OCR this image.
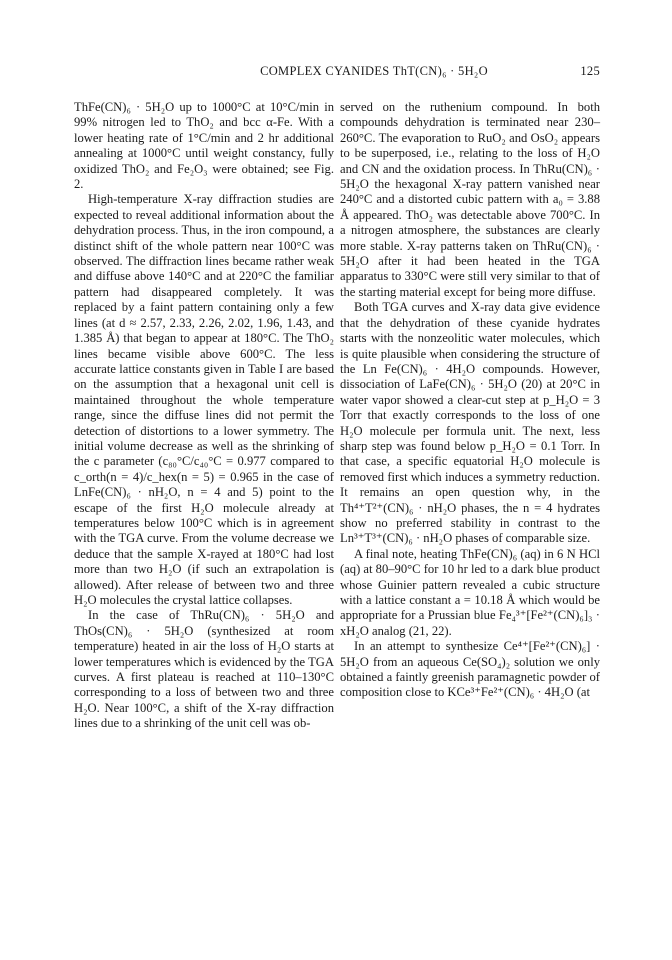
COMPLEX CYANIDES ThT(CN)₆ · 5H₂O	125

ThFe(CN)₆ · 5H₂O up to 1000°C at 10°C/min in 99% nitrogen led to ThO₂ and bcc α-Fe. With a lower heating rate of 1°C/min and 2 hr additional annealing at 1000°C until weight constancy, fully oxidized ThO₂ and Fe₂O₃ were obtained; see Fig. 2.

High-temperature X-ray diffraction studies are expected to reveal additional information about the dehydration process. Thus, in the iron compound, a distinct shift of the whole pattern near 100°C was observed. The diffraction lines became rather weak and diffuse above 140°C and at 220°C the familiar pattern had disappeared completely. It was replaced by a faint pattern containing only a few lines (at d ≈ 2.57, 2.33, 2.26, 2.02, 1.96, 1.43, and 1.385 Å) that began to appear at 180°C. The ThO₂ lines became visible above 600°C. The less accurate lattice constants given in Table I are based on the assumption that a hexagonal unit cell is maintained throughout the whole temperature range, since the diffuse lines did not permit the detection of distortions to a lower symmetry. The initial volume decrease as well as the shrinking of the c parameter (c₈₀°C/c₄₀°C = 0.977 compared to c_orth(n = 4)/c_hex(n = 5) = 0.965 in the case of LnFe(CN)₆ · nH₂O, n = 4 and 5) point to the escape of the first H₂O molecule already at temperatures below 100°C which is in agreement with the TGA curve. From the volume decrease we deduce that the sample X-rayed at 180°C had lost more than two H₂O (if such an extrapolation is allowed). After release of between two and three H₂O molecules the crystal lattice collapses.

In the case of ThRu(CN)₆ · 5H₂O and ThOs(CN)₆ · 5H₂O (synthesized at room temperature) heated in air the loss of H₂O starts at lower temperatures which is evidenced by the TGA curves. A first plateau is reached at 110–130°C corresponding to a loss of between two and three H₂O. Near 100°C, a shift of the X-ray diffraction lines due to a shrinking of the unit cell was ob-

served on the ruthenium compound. In both compounds dehydration is terminated near 230–260°C. The evaporation to RuO₂ and OsO₂ appears to be superposed, i.e., relating to the loss of H₂O and CN and the oxidation process. In ThRu(CN)₆ · 5H₂O the hexagonal X-ray pattern vanished near 240°C and a distorted cubic pattern with a₀ = 3.88 Å appeared. ThO₂ was detectable above 700°C. In a nitrogen atmosphere, the substances are clearly more stable. X-ray patterns taken on ThRu(CN)₆ · 5H₂O after it had been heated in the TGA apparatus to 330°C were still very similar to that of the starting material except for being more diffuse.

Both TGA curves and X-ray data give evidence that the dehydration of these cyanide hydrates starts with the nonzeolitic water molecules, which is quite plausible when considering the structure of the Ln Fe(CN)₆ · 4H₂O compounds. However, dissociation of LaFe(CN)₆ · 5H₂O (20) at 20°C in water vapor showed a clear-cut step at p_H₂O = 3 Torr that exactly corresponds to the loss of one H₂O molecule per formula unit. The next, less sharp step was found below p_H₂O = 0.1 Torr. In that case, a specific equatorial H₂O molecule is removed first which induces a symmetry reduction. It remains an open question why, in the Th⁴⁺T²⁺(CN)₆ · nH₂O phases, the n = 4 hydrates show no preferred stability in contrast to the Ln³⁺T³⁺(CN)₆ · nH₂O phases of comparable size.

A final note, heating ThFe(CN)₆ (aq) in 6 N HCl (aq) at 80–90°C for 10 hr led to a dark blue product whose Guinier pattern revealed a cubic structure with a lattice constant a = 10.18 Å which would be appropriate for a Prussian blue Fe₄³⁺[Fe²⁺(CN)₆]₃ · xH₂O analog (21, 22).

In an attempt to synthesize Ce⁴⁺[Fe²⁺(CN)₆] · 5H₂O from an aqueous Ce(SO₄)₂ solution we only obtained a faintly greenish paramagnetic powder of composition close to KCe³⁺Fe²⁺(CN)₆ · 4H₂O (at
